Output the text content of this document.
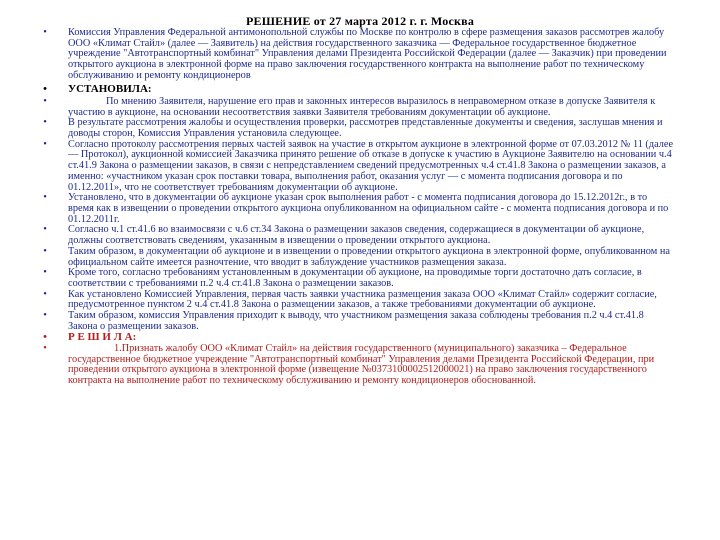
РЕШЕНИЕ от 27 марта 2012 г. г. Москва
•	Комиссия Управления Федеральной антимонопольной службы по Москве по контролю в сфере размещения заказов рассмотрев жалобу ООО «Климат Стайл» (далее — Заявитель) на действия государственного заказчика — Федеральное государственное бюджетное учреждение "Автотранспортный комбинат" Управления делами Президента Российской Федерации (далее — Заказчик) при проведении открытого аукциона в электронной форме на право заключения государственного контракта на выполнение работ по техническому обслуживанию и ремонту кондиционеров
• УСТАНОВИЛА:
•	По мнению Заявителя, нарушение его прав и законных интересов выразилось в неправомерном отказе в допуске Заявителя к участию в аукционе, на основании несоответствия заявки Заявителя требованиям документации об аукционе.
•	В результате рассмотрения жалобы и осуществления проверки, рассмотрев представленные документы и сведения, заслушав мнения и доводы сторон, Комиссия Управления установила следующее.
•	Согласно протоколу рассмотрения первых частей заявок на участие в открытом аукционе в электронной форме от 07.03.2012 № 11 (далее — Протокол), аукционной комиссией Заказчика принято решение об отказе в допуске к участию в Аукционе Заявителю на основании ч.4 ст.41.9 Закона о размещении заказов, в связи с непредставлением сведений предусмотренных ч.4 ст.41.8 Закона о размещении заказов, а именно: «участником указан срок поставки товара, выполнения работ, оказания услуг — с момента подписания договора и по 01.12.2011», что не соответствует требованиям документации об аукционе.
•	Установлено, что в документации об аукционе указан срок выполнения работ - с момента подписания договора до 15.12.2012г., в то время как в извещении о проведении открытого аукциона опубликованном на официальном сайте - с момента подписания договора и по 01.12.2011г.
•	Согласно ч.1 ст.41.6 во взаимосвязи с ч.6 ст.34 Закона о размещении заказов сведения, содержащиеся в документации об аукционе, должны соответствовать сведениям, указанным в извещении о проведении открытого аукциона.
•	Таким образом, в документации об аукционе и в извещении о проведении открытого аукциона в электронной форме, опубликованном на официальном сайте имеется разночтение, что вводит в заблуждение участников размещения заказа.
•	Кроме того, согласно требованиям установленным в документации об аукционе, на проводимые торги достаточно дать согласие, в соответствии с требованиями п.2 ч.4 ст.41.8 Закона о размещении заказов.
•	Как установлено Комиссией Управления, первая часть заявки участника размещения заказа ООО «Климат Стайл» содержит согласие, предусмотренное пунктом 2 ч.4 ст.41.8 Закона о размещении заказов, а также требованиями документации об аукционе.
•	Таким образом, комиссия Управления приходит к выводу, что участником размещения заказа соблюдены требования п.2 ч.4 ст.41.8 Закона о размещении заказов.
• Р Е Ш И Л А:
•	1.Признать жалобу ООО «Климат Стайл» на действия государственного (муниципального) заказчика – Федеральное государственное бюджетное учреждение "Автотранспортный комбинат" Управления делами Президента Российской Федерации, при проведении открытого аукциона в электронной форме (извещение №0373100002512000021) на право заключения государственного контракта на выполнение работ по техническому обслуживанию и ремонту кондиционеров обоснованной.
